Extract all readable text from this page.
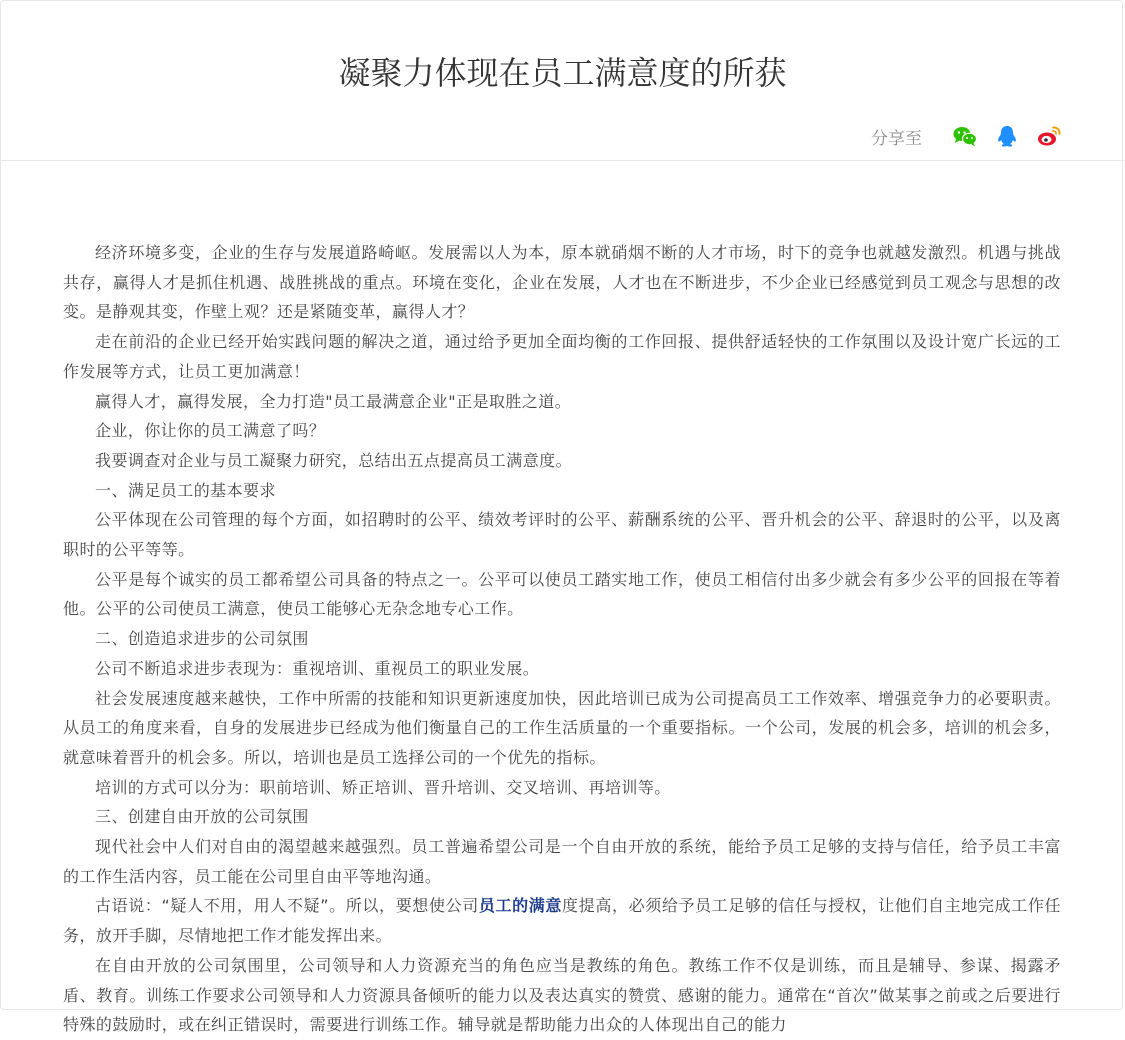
凝聚力体现在员工满意度的所获
分享至

经济环境多变，企业的生存与发展道路崎岖。发展需以人为本，原本就硝烟不断的人才市场，时下的竞争也就越发激烈。机遇与挑战共存，赢得人才是抓住机遇、战胜挑战的重点。环境在变化，企业在发展，人才也在不断进步，不少企业已经感觉到员工观念与思想的改变。是静观其变，作壁上观？还是紧随变革，赢得人才？

走在前沿的企业已经开始实践问题的解决之道，通过给予更加全面均衡的工作回报、提供舒适轻快的工作氛围以及设计宽广长远的工作发展等方式，让员工更加满意！

赢得人才，赢得发展，全力打造"员工最满意企业"正是取胜之道。

企业，你让你的员工满意了吗？

我要调查对企业与员工凝聚力研究，总结出五点提高员工满意度。

一、满足员工的基本要求

公平体现在公司管理的每个方面，如招聘时的公平、绩效考评时的公平、薪酬系统的公平、晋升机会的公平、辞退时的公平，以及离职时的公平等等。

公平是每个诚实的员工都希望公司具备的特点之一。公平可以使员工踏实地工作，使员工相信付出多少就会有多少公平的回报在等着他。公平的公司使员工满意，使员工能够心无杂念地专心工作。

二、创造追求进步的公司氛围

公司不断追求进步表现为：重视培训、重视员工的职业发展。

社会发展速度越来越快，工作中所需的技能和知识更新速度加快，因此培训已成为公司提高员工工作效率、增强竞争力的必要职责。从员工的角度来看，自身的发展进步已经成为他们衡量自己的工作生活质量的一个重要指标。一个公司，发展的机会多，培训的机会多，就意味着晋升的机会多。所以，培训也是员工选择公司的一个优先的指标。

培训的方式可以分为：职前培训、矫正培训、晋升培训、交叉培训、再培训等。

三、创建自由开放的公司氛围

现代社会中人们对自由的渴望越来越强烈。员工普遍希望公司是一个自由开放的系统，能给予员工足够的支持与信任，给予员工丰富的工作生活内容，员工能在公司里自由平等地沟通。

古语说：“疑人不用，用人不疑”。所以，要想使公司员工的满意度提高，必须给予员工足够的信任与授权，让他们自主地完成工作任务，放开手脚，尽情地把工作才能发挥出来。

在自由开放的公司氛围里，公司领导和人力资源充当的角色应当是教练的角色。教练工作不仅是训练，而且是辅导、参谋、揭露矛盾、教育。训练工作要求公司领导和人力资源具备倾听的能力以及表达真实的赞赏、感谢的能力。通常在“首次”做某事之前或之后要进行特殊的鼓励时，或在纠正错误时，需要进行训练工作。辅导就是帮助能力出众的人体现出自己的能力
